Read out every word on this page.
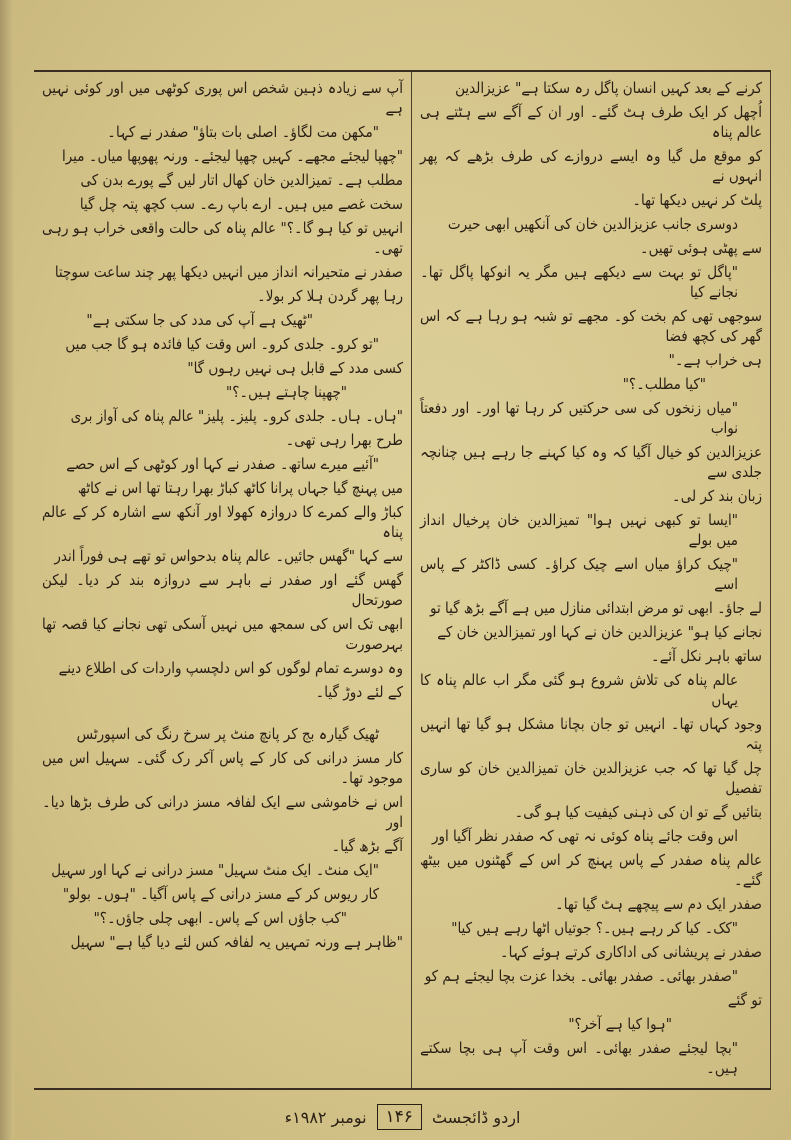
کرنے کے بعد کہیں انسان پاگل رہ سکتا ہے" عزیزالدین
اُچھل کر ایک طرف ہٹ گئے۔ اور ان کے آگے سے ہٹتے ہی عالم پناہ
کو موقع مل گیا وہ ایسے دروازے کی طرف بڑھے کہ پھر انہوں نے
پلٹ کر نہیں دیکھا تھا۔
دوسری جانب عزیزالدین خان کی آنکھیں ابھی حیرت
سے پھٹی ہوئی تھیں۔
"پاگل تو بہت سے دیکھے ہیں مگر یہ انوکھا پاگل تھا۔ نجانے کیا
سوجھی تھی کم بخت کو۔ مجھے تو شبہ ہو رہا ہے کہ اس گھر کی کچھ فضا
ہی خراب ہے۔"
"کیا مطلب۔؟"
"میاں زنخوں کی سی حرکتیں کر رہا تھا اور۔ اور دفعتاً نواب
عزیزالدین کو خیال آگیا کہ وہ کیا کہنے جا رہے ہیں چنانچہ جلدی سے
زبان بند کر لی۔
"ایسا تو کبھی نہیں ہوا" تمیزالدین خان پرخیال انداز میں بولے
"چیک کراؤ میاں اسے چیک کراؤ۔ کسی ڈاکٹر کے پاس اسے
لے جاؤ۔ ابھی تو مرض ابتدائی منازل میں ہے آگے بڑھ گیا تو
نجانے کیا ہو" عزیزالدین خان نے کہا اور تمیزالدین خان کے
ساتھ باہر نکل آئے۔
عالم پناہ کی تلاش شروع ہو گئی مگر اب عالم پناہ کا یہاں
وجود کہاں تھا۔ انہیں تو جان بچانا مشکل ہو گیا تھا انہیں پتہ
چل گیا تھا کہ جب عزیزالدین خان تمیزالدین خان کو ساری تفصیل
بتائیں گے تو ان کی ذہنی کیفیت کیا ہو گی۔
اس وقت جائے پناہ کوئی نہ تھی کہ صفدر نظر آگیا اور
عالم پناہ صفدر کے پاس پہنچ کر اس کے گھٹنوں میں بیٹھ گئے۔
صفدر ایک دم سے پیچھے ہٹ گیا تھا۔
"کک۔ کیا کر رہے ہیں۔؟ جوتیاں اٹھا رہے ہیں کیا"
صفدر نے پریشانی کی اداکاری کرتے ہوئے کہا۔
"صفدر بھائی۔ صفدر بھائی۔ بخدا عزت بچا لیجئے ہم کو
تو گئے
"ہوا کیا ہے آخر؟"
"بچا لیجئے صفدر بھائی۔ اس وقت آپ ہی بچا سکتے ہیں۔
آپ سے زیادہ ذہین شخص اس پوری کوٹھی میں اور کوئی نہیں ہے
"مکھن مت لگاؤ۔ اصلی بات بتاؤ" صفدر نے کہا۔
"چھپا لیجئے مجھے۔ کہیں چھپا لیجئے۔ ورنہ پھوپھا میاں۔ میرا
مطلب ہے۔ تمیزالدین خان کھال اتار لیں گے پورے بدن کی
سخت غصے میں ہیں۔ ارے باپ رے۔ سب کچھ پتہ چل گیا
انہیں تو کیا ہو گا۔؟" عالم پناہ کی حالت واقعی خراب ہو رہی تھی۔
صفدر نے متحیرانہ انداز میں انہیں دیکھا پھر چند ساعت سوچتا
رہا پھر گردن ہلا کر بولا۔
"ٹھیک ہے آپ کی مدد کی جا سکتی ہے"
"تو کرو۔ جلدی کرو۔ اس وقت کیا فائدہ ہو گا جب میں
کسی مدد کے قابل ہی نہیں رہوں گا"
"چھپنا چاہتے ہیں۔؟"
"ہاں۔ ہاں۔ جلدی کرو۔ پلیز۔ پلیز" عالم پناہ کی آواز بری
طرح بھرا رہی تھی۔
"آئیے میرے ساتھ۔ صفدر نے کہا اور کوٹھی کے اس حصے
میں پہنچ گیا جہاں پرانا کاٹھ کباڑ بھرا رہتا تھا اس نے کاٹھ
کباڑ والے کمرے کا دروازہ کھولا اور آنکھ سے اشارہ کر کے عالم پناہ
سے کہا "گھس جائیں۔ عالم پناہ بدحواس تو تھے ہی فوراً اندر
گھس گئے اور صفدر نے باہر سے دروازہ بند کر دیا۔ لیکن صورتحال
ابھی تک اس کی سمجھ میں نہیں آسکی تھی نجانے کیا قصہ تھا بہرصورت
وہ دوسرے تمام لوگوں کو اس دلچسپ واردات کی اطلاع دینے
کے لئے دوڑ گیا۔
ٹھیک گیارہ بج کر پانچ منٹ پر سرخ رنگ کی اسپورٹس
کار مسز درانی کی کار کے پاس آکر رک گئی۔ سہیل اس میں موجود تھا۔
اس نے خاموشی سے ایک لفافہ مسز درانی کی طرف بڑھا دیا۔ اور
آگے بڑھ گیا۔
"ایک منٹ۔ ایک منٹ سہیل" مسز درانی نے کہا اور سہیل
کار ریوس کر کے مسز درانی کے پاس آگیا۔ "ہوں۔ بولو"
"کب جاؤں اس کے پاس۔ ابھی چلی جاؤں۔؟"
"ظاہر ہے ورنہ تمہیں یہ لفافہ کس لئے دیا گیا ہے" سہیل
اردو ڈائجسٹ
۱۴۶
نومبر ۱۹۸۲ء
